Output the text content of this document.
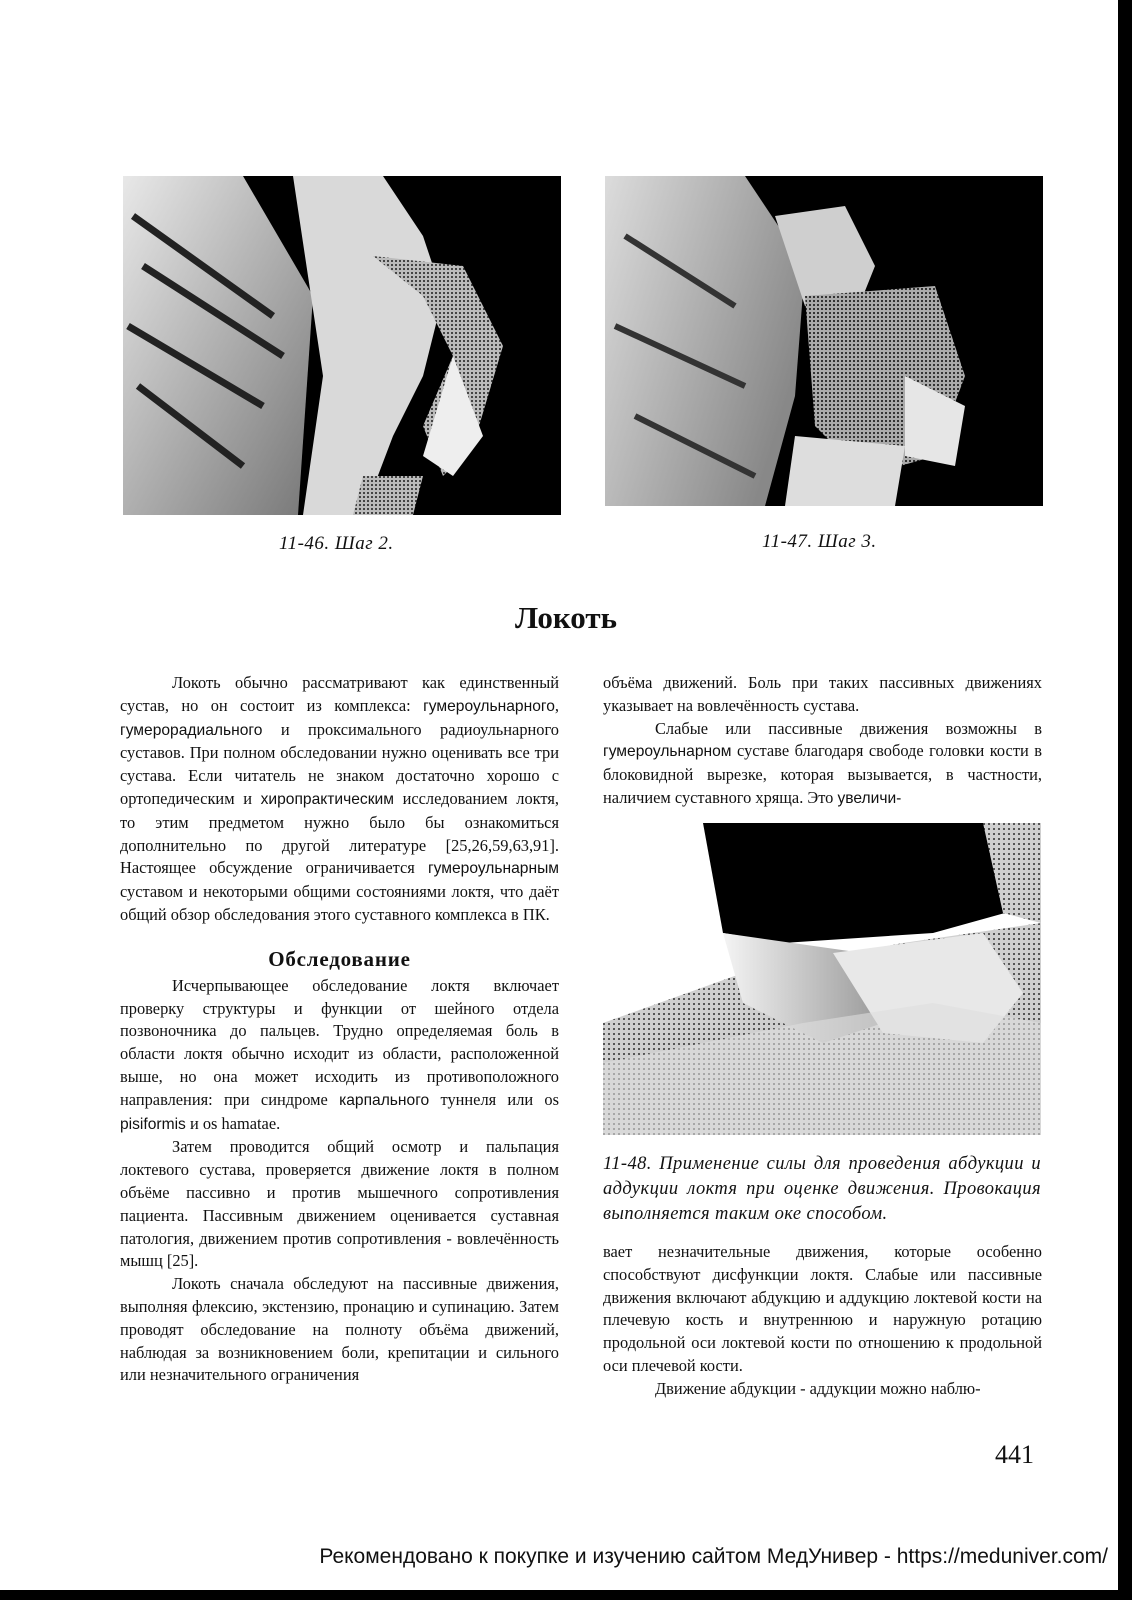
11-46. Шаг 2.	11-47. Шаг 3.
Локоть

Локоть обычно рассматривают как единственный сустав, но он состоит из комплекса: гумероульнарного, гумерорадиального и проксимального радиоульнарного суставов. При полном обследовании нужно оценивать все три сустава. Если читатель не знаком достаточно хорошо с ортопедическим и хиропрактическим исследованием локтя, то этим предметом нужно было бы ознакомиться дополнительно по другой литературе [25,26,59,63,91]. Настоящее обсуждение ограничивается гумероульнарным суставом и некоторыми общими состояниями локтя, что даёт общий обзор обследования этого суставного комплекса в ПК.

Обследование

Исчерпывающее обследование локтя включает проверку структуры и функции от шейного отдела позвоночника до пальцев. Трудно определяемая боль в области локтя обычно исходит из области, расположенной выше, но она может исходить из противоположного направления: при синдроме карпального туннеля или os pisiformis и os hamatae.

Затем проводится общий осмотр и пальпация локтевого сустава, проверяется движение локтя в полном объёме пассивно и против мышечного сопротивления пациента. Пассивным движением оценивается суставная патология, движением против сопротивления - вовлечённость мышц [25].

Локоть сначала обследуют на пассивные движения, выполняя флексию, экстензию, пронацию и супинацию. Затем проводят обследование на полноту объёма движений, наблюдая за возникновением боли, крепитации и сильного или незначительного ограничения

объёма движений. Боль при таких пассивных движениях указывает на вовлечённость сустава.

Слабые или пассивные движения возможны в гумероульнарном суставе благодаря свободе головки кости в блоковидной вырезке, которая вызывается, в частности, наличием суставного хряща. Это увеличи-

11-48. Применение силы для проведения абдукции и аддукции локтя при оценке движения. Провокация выполняется таким оке способом.

вает незначительные движения, которые особенно способствуют дисфункции локтя. Слабые или пассивные движения включают абдукцию и аддукцию локтевой кости на плечевую кость и внутреннюю и наружную ротацию продольной оси локтевой кости по отношению к продольной оси плечевой кости.

Движение абдукции - аддукции можно наблю-

441
Рекомендовано к покупке и изучению сайтом МедУнивер - https://meduniver.com/
